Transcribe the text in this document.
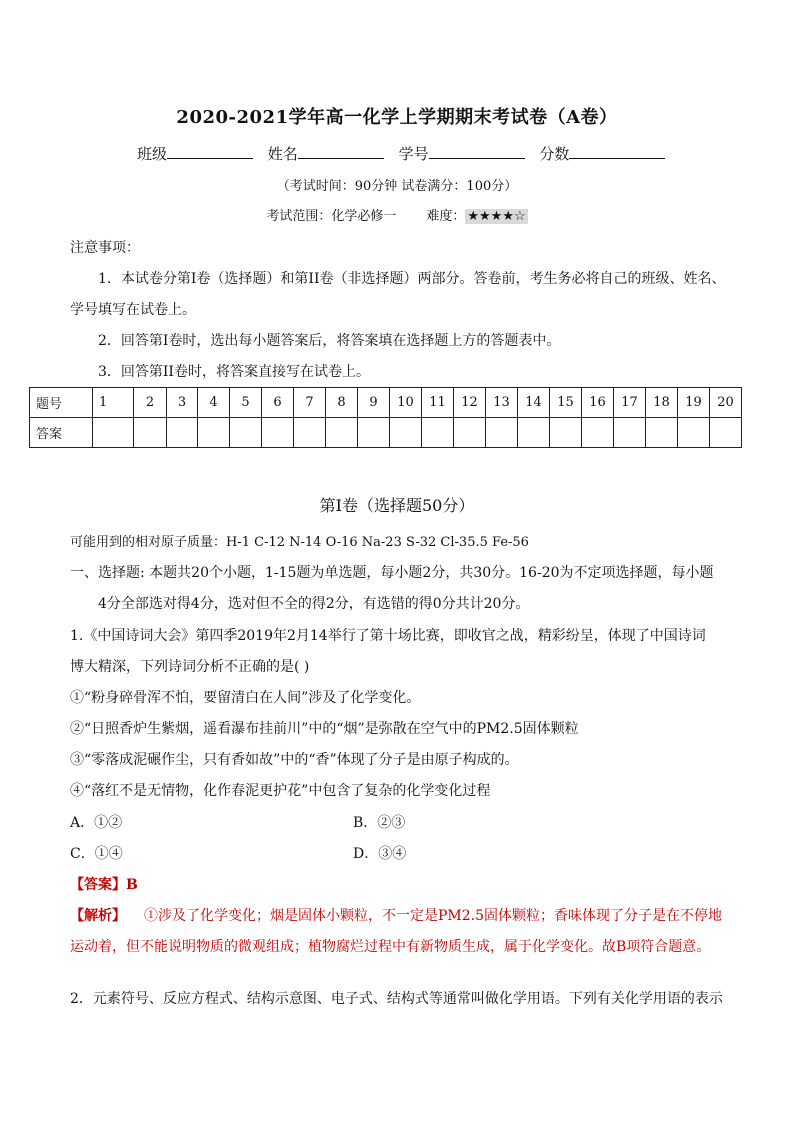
2020-2021学年高一化学上学期期末考试卷（A卷）
班级	姓名	学号	分数
（考试时间：90分钟 试卷满分：100分）
考试范围：化学必修一 难度： ★★★★☆
注意事项：
1．本试卷分第I卷（选择题）和第II卷（非选择题）两部分。答卷前，考生务必将自己的班级、姓名、
学号填写在试卷上。
2．回答第I卷时，选出每小题答案后，将答案填在选择题上方的答题表中。
3．回答第II卷时，将答案直接写在试卷上。
题号	1	2	3	4	5	6	7	8	9	10	11	12	13	14	15	16	17	18	19	20
答案																				
第I卷（选择题50分）
可能用到的相对原子质量：H-1 C-12 N-14 O-16 Na-23 S-32 Cl-35.5 Fe-56
一、选择题: 本题共20个小题，1-15题为单选题，每小题2分，共30分。16-20为不定项选择题，每小题
4分全部选对得4分，选对但不全的得2分，有选错的得0分共计20分。
1.《中国诗词大会》第四季2019年2月14举行了第十场比赛，即收官之战，精彩纷呈，体现了中国诗词
博大精深，下列诗词分析不正确的是( )
①“粉身碎骨浑不怕，要留清白在人间”涉及了化学变化。
②“日照香炉生紫烟，遥看瀑布挂前川”中的“烟”是弥散在空气中的PM2.5固体颗粒
③“零落成泥碾作尘，只有香如故”中的“香”体现了分子是由原子构成的。
④“落红不是无情物，化作春泥更护花”中包含了复杂的化学变化过程
A．①②	B．②③
C．①④	D．③④
【答案】B
【解析】 ①涉及了化学变化；烟是固体小颗粒，不一定是PM2.5固体颗粒；香味体现了分子是在不停地
运动着，但不能说明物质的微观组成；植物腐烂过程中有新物质生成，属于化学变化。故B项符合题意。
2．元素符号、反应方程式、结构示意图、电子式、结构式等通常叫做化学用语。下列有关化学用语的表示
